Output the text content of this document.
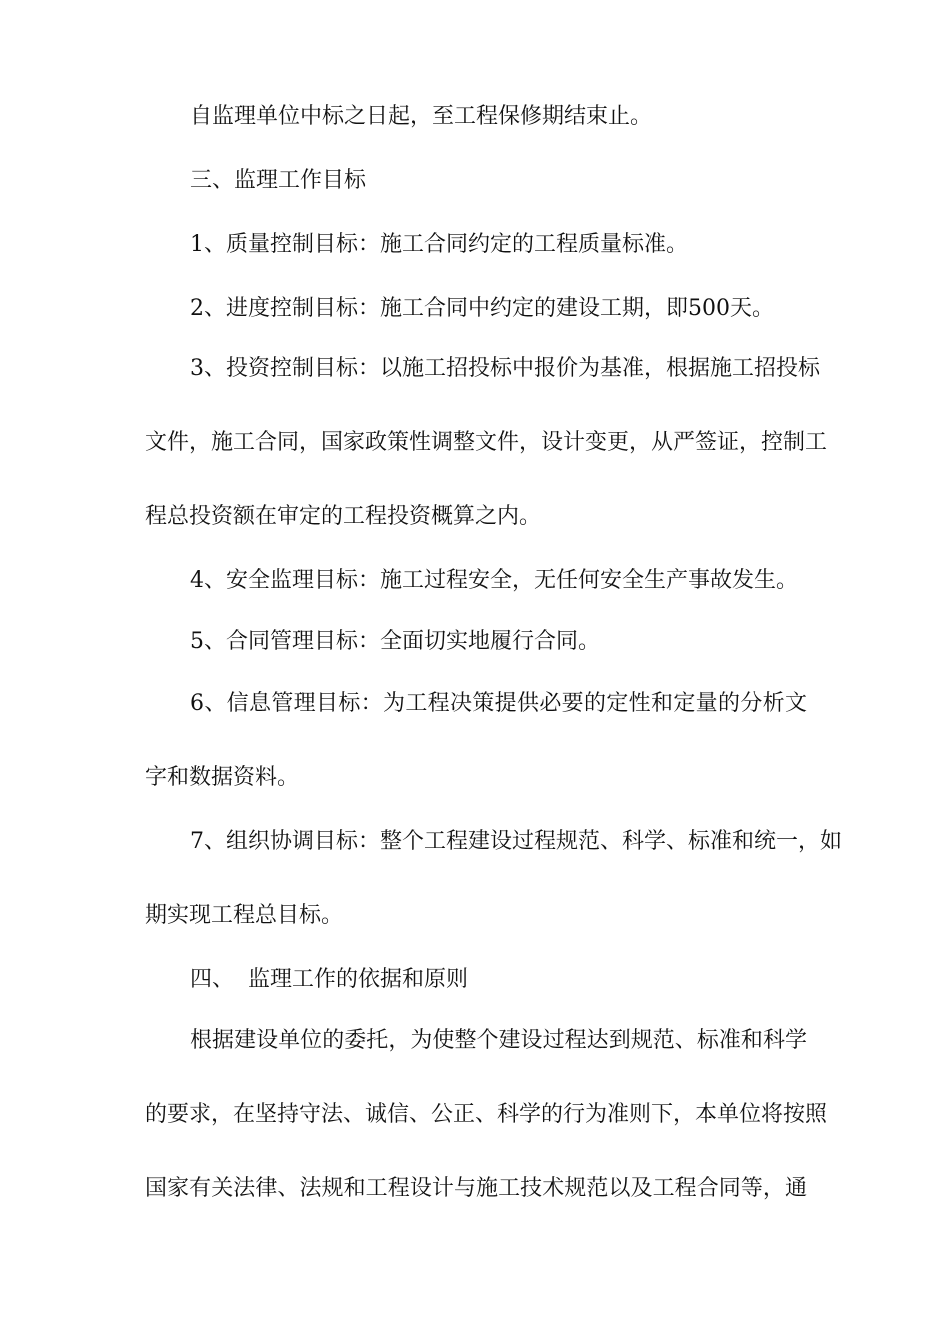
自监理单位中标之日起，至工程保修期结束止。
三、监理工作目标
1、质量控制目标：施工合同约定的工程质量标准。
2、进度控制目标：施工合同中约定的建设工期，即500天。
3、投资控制目标：以施工招投标中报价为基准，根据施工招投标
文件，施工合同，国家政策性调整文件，设计变更，从严签证，控制工
程总投资额在审定的工程投资概算之内。
4、安全监理目标：施工过程安全，无任何安全生产事故发生。
5、合同管理目标：全面切实地履行合同。
6、信息管理目标：为工程决策提供必要的定性和定量的分析文
字和数据资料。
7、组织协调目标：整个工程建设过程规范、科学、标准和统一，如
期实现工程总目标。
四、  监理工作的依据和原则
根据建设单位的委托，为使整个建设过程达到规范、标准和科学
的要求，在坚持守法、诚信、公正、科学的行为准则下，本单位将按照
国家有关法律、法规和工程设计与施工技术规范以及工程合同等，通
